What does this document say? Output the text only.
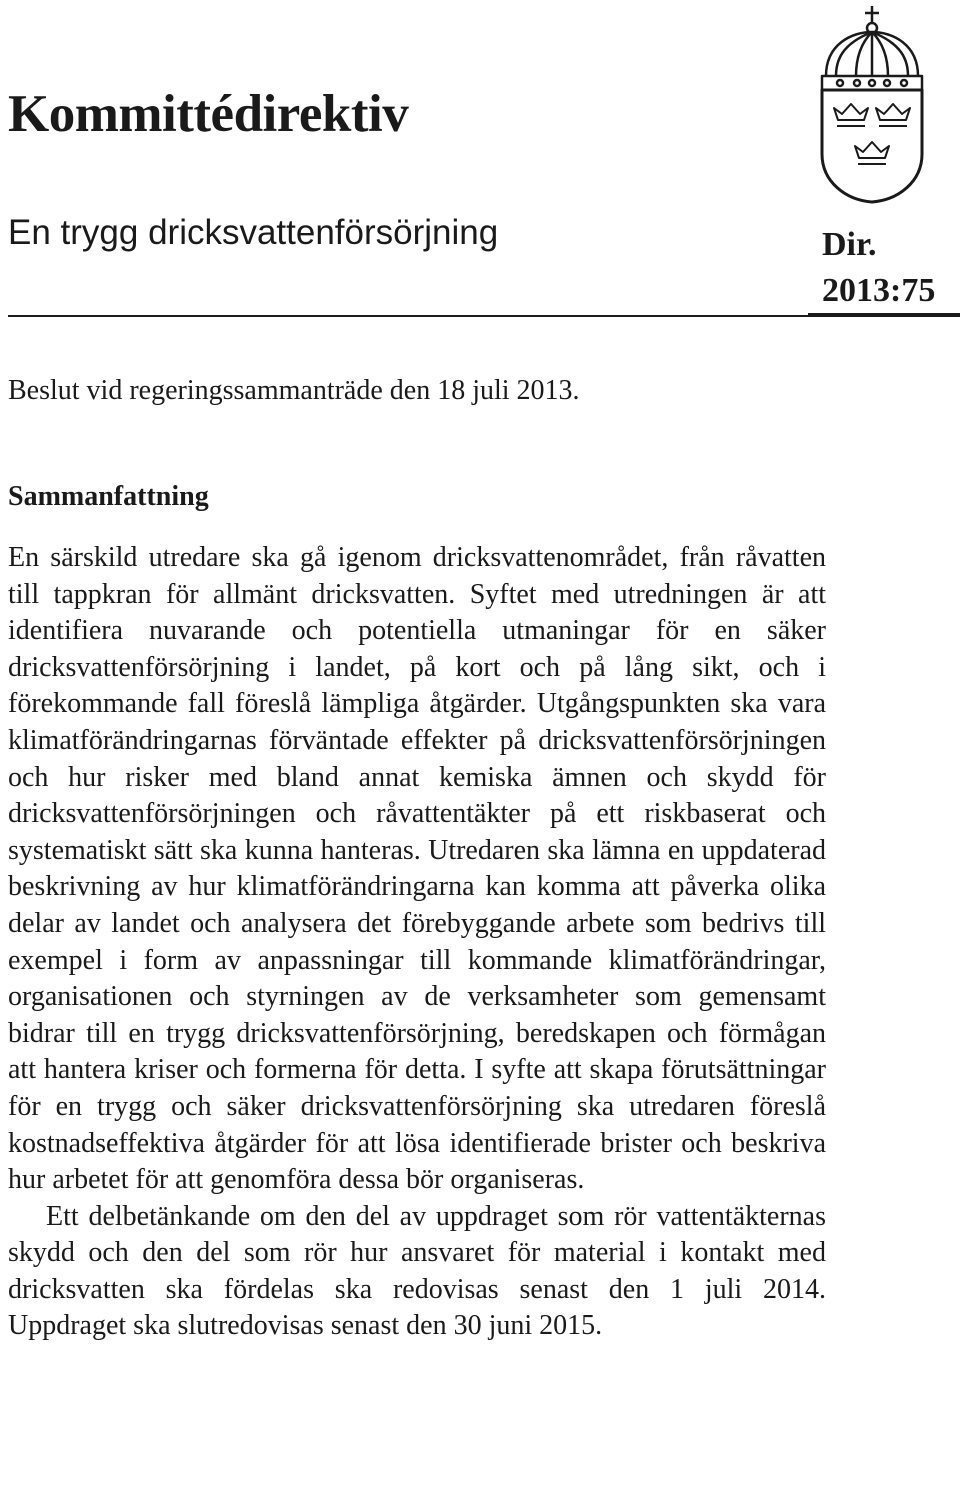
Kommittédirektiv
En trygg dricksvattenförsörjning	Dir.
2013:75

Beslut vid regeringssammanträde den 18 juli 2013.

Sammanfattning

En särskild utredare ska gå igenom dricksvattenområdet, från råvatten till tappkran för allmänt dricksvatten. Syftet med utredningen är att identifiera nuvarande och potentiella utmaningar för en säker dricksvattenförsörjning i landet, på kort och på lång sikt, och i förekommande fall föreslå lämpliga åtgärder. Utgångspunkten ska vara klimatförändringarnas förväntade effekter på dricksvattenförsörjningen och hur risker med bland annat kemiska ämnen och skydd för dricksvattenförsörjningen och råvattentäkter på ett riskbaserat och systematiskt sätt ska kunna hanteras. Utredaren ska lämna en uppdaterad beskrivning av hur klimatförändringarna kan komma att påverka olika delar av landet och analysera det förebyggande arbete som bedrivs till exempel i form av anpassningar till kommande klimatförändringar, organisationen och styrningen av de verksamheter som gemensamt bidrar till en trygg dricksvattenförsörjning, beredskapen och förmågan att hantera kriser och formerna för detta. I syfte att skapa förutsättningar för en trygg och säker dricksvattenförsörjning ska utredaren föreslå kostnadseffektiva åtgärder för att lösa identifierade brister och beskriva hur arbetet för att genomföra dessa bör organiseras.

Ett delbetänkande om den del av uppdraget som rör vattentäkternas skydd och den del som rör hur ansvaret för material i kontakt med dricksvatten ska fördelas ska redovisas senast den 1 juli 2014. Uppdraget ska slutredovisas senast den 30 juni 2015.
